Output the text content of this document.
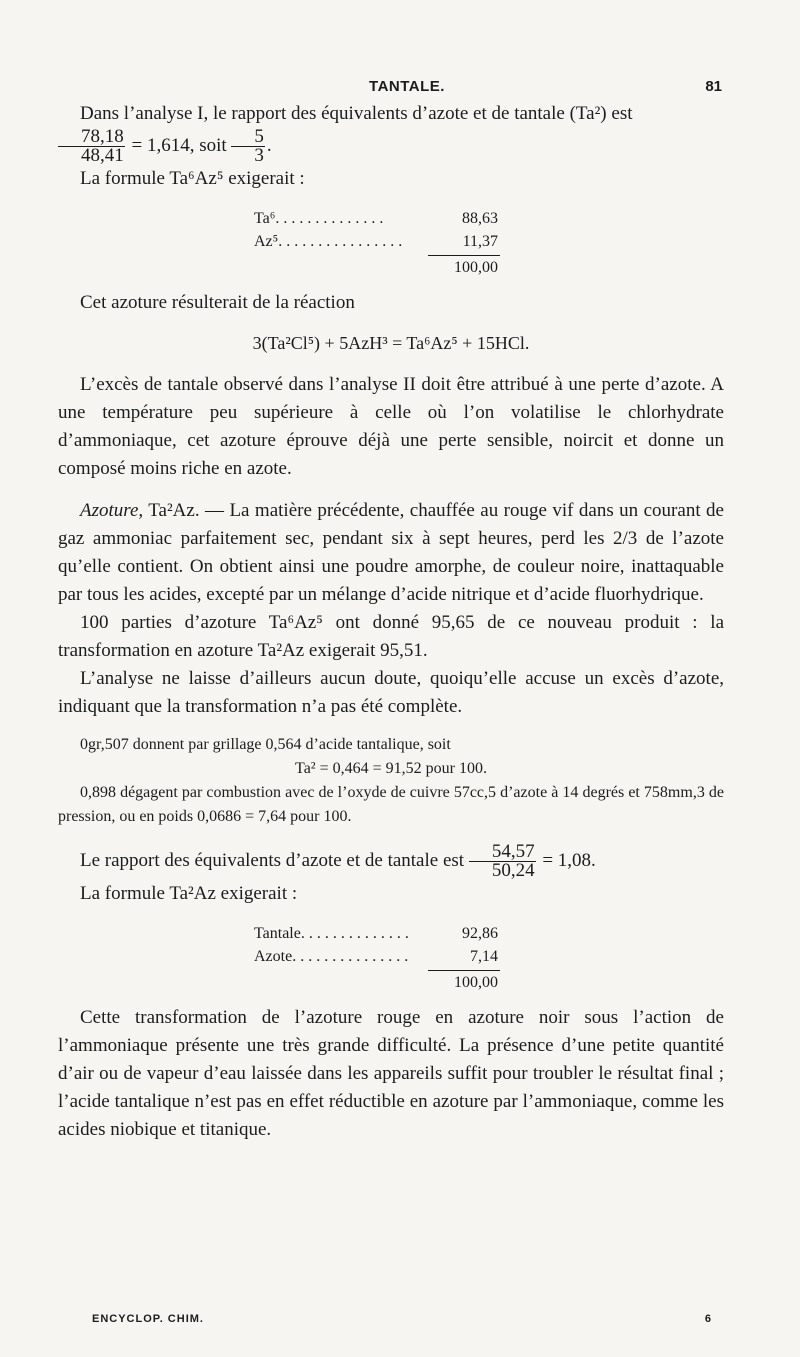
TANTALE.	81

Dans l’analyse I, le rapport des équivalents d’azote et de tantale (Ta²) est

$\frac{78,18}{48,41} = 1,614$, soit $\frac{5}{3}$ .

La formule Ta⁶Az⁵ exigerait :

Ta⁶. . . . . . . . . . . . . .	88,63
Az⁵. . . . . . . . . . . . . . . .	11,37
100,00

Cet azoture résulterait de la réaction

3(Ta²Cl⁵) + 5AzH³ = Ta⁶Az⁵ + 15HCl.

L’excès de tantale observé dans l’analyse II doit être attribué à une perte d’azote. A une température peu supérieure à celle où l’on volatilise le chlorhydrate d’ammoniaque, cet azoture éprouve déjà une perte sensible, noircit et donne un composé moins riche en azote.

Azoture, Ta²Az. — La matière précédente, chauffée au rouge vif dans un courant de gaz ammoniac parfaitement sec, pendant six à sept heures, perd les 2/3 de l’azote qu’elle contient. On obtient ainsi une poudre amorphe, de couleur noire, inattaquable par tous les acides, excepté par un mélange d’acide nitrique et d’acide fluorhydrique.

100 parties d’azoture Ta⁶Az⁵ ont donné 95,65 de ce nouveau produit : la transformation en azoture Ta²Az exigerait 95,51.

L’analyse ne laisse d’ailleurs aucun doute, quoiqu’elle accuse un excès d’azote, indiquant que la transformation n’a pas été complète.

0gr,507 donnent par grillage 0,564 d’acide tantalique, soit

Ta² = 0,464 = 91,52 pour 100.

0,898 dégagent par combustion avec de l’oxyde de cuivre 57cc,5 d’azote à 14 degrés et 758mm,3 de pression, ou en poids 0,0686 = 7,64 pour 100.

Le rapport des équivalents d’azote et de tantale est $\frac{54,57}{50,24} = 1,08$.

La formule Ta²Az exigerait :

Tantale. . . . . . . . . . . . . .	92,86
Azote. . . . . . . . . . . . . . .	7,14
100,00

Cette transformation de l’azoture rouge en azoture noir sous l’action de l’ammoniaque présente une très grande difficulté. La présence d’une petite quantité d’air ou de vapeur d’eau laissée dans les appareils suffit pour troubler le résultat final ; l’acide tantalique n’est pas en effet réductible en azoture par l’ammoniaque, comme les acides niobique et titanique.

ENCYCLOP. CHIM.	6
